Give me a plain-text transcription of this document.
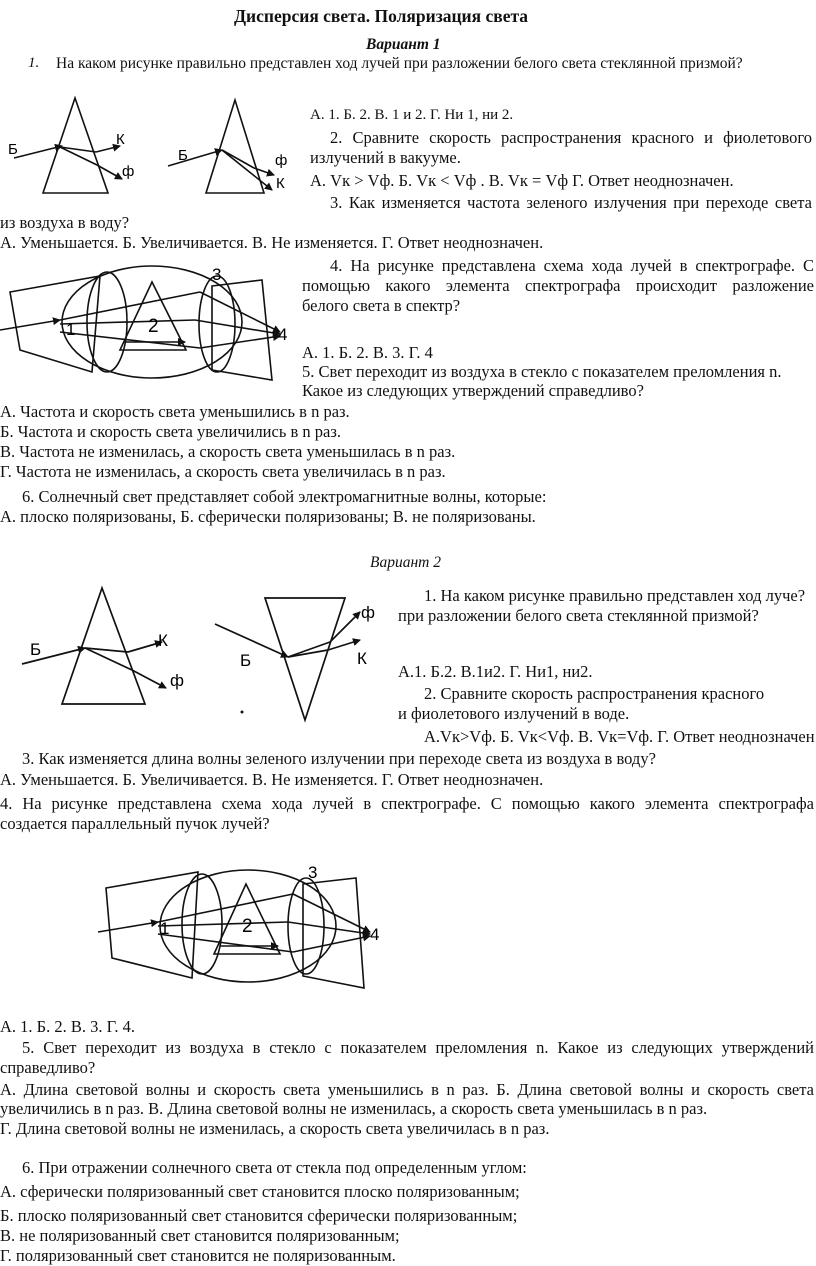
Дисперсия света. Поляризация света
Вариант 1
1. На каком рисунке правильно представлен ход лучей при разложении белого света стеклянной призмой?
Б
К
ф
Б	ф
К
А. 1. Б. 2. В. 1 и 2. Г. Ни 1, ни 2.
2. Сравните скорость распространения красного и фиолетового
излучений в вакууме.
А. Vк > Vф. Б. Vк < Vф . В. Vк = Vф Г. Ответ неоднозначен.
3. Как изменяется частота зеленого излучения при переходе света
из воздуха в воду?
А. Уменьшается. Б. Увеличивается. В. Не изменяется. Г. Ответ неоднозначен.
1	2
3
4
4. На рисунке представлена схема хода лучей в спектрографе. С
помощью какого элемента спектрографа происходит разложение
белого света в спектр?
А. 1. Б. 2. В. 3. Г. 4
5. Свет переходит из воздуха в стекло с показателем преломления n.
Какое из следующих утверждений справедливо?
А. Частота и скорость света уменьшились в n раз.
Б. Частота и скорость света увеличились в n раз.
В. Частота не изменилась, а скорость света уменьшилась в n раз.
Г. Частота не изменилась, а скорость света увеличилась в n раз.
6. Солнечный свет представляет собой электромагнитные волны, которые:
А. плоско поляризованы, Б. сферически поляризованы; В. не поляризованы.
Вариант 2
Б	К
ф
Б
ф
К
1. На каком рисунке правильно представлен ход луче?
при разложении белого света стеклянной призмой?
А.1. Б.2. В.1и2. Г. Ни1, ни2.
2. Сравните скорость распространения красного
и фиолетового излучений в воде.
А.Vк>Vф. Б. Vк<Vф. В. Vк=Vф. Г. Ответ неоднозначен
3. Как изменяется длина волны зеленого излучении при переходе света из воздуха в воду?
А. Уменьшается. Б. Увеличивается. В. Не изменяется. Г. Ответ неоднозначен.
4. На рисунке представлена схема хода лучей в спектрографе. С помощью какого элемента спектрографа
создается параллельный пучок лучей?
1	2
3
4
А. 1. Б. 2. В. 3. Г. 4.
5. Свет переходит из воздуха в стекло с показателем преломления n. Какое из следующих утверждений
справедливо?
А. Длина световой волны и скорость света уменьшились в n раз. Б. Длина световой волны и скорость света
увеличились в n раз. В. Длина световой волны не изменилась, а скорость света уменьшилась в n раз.
Г. Длина световой волны не изменилась, а скорость света увеличилась в n раз.
6. При отражении солнечного света от стекла под определенным углом:
А. сферически поляризованный свет становится плоско поляризованным;
Б. плоско поляризованный свет становится сферически поляризованным;
В. не поляризованный свет становится поляризованным;
Г. поляризованный свет становится не поляризованным.
